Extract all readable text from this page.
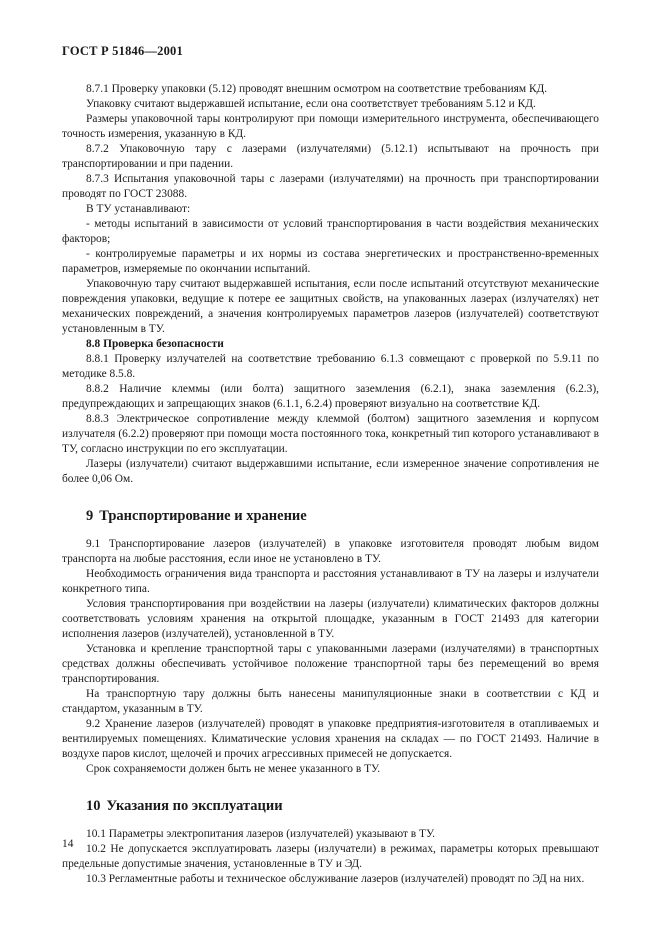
ГОСТ Р 51846—2001

8.7.1 Проверку упаковки (5.12) проводят внешним осмотром на соответствие требованиям КД.

Упаковку считают выдержавшей испытание, если она соответствует требованиям 5.12 и КД.

Размеры упаковочной тары контролируют при помощи измерительного инструмента, обеспечивающего точность измерения, указанную в КД.

8.7.2 Упаковочную тару с лазерами (излучателями) (5.12.1) испытывают на прочность при транспортировании и при падении.

8.7.3 Испытания упаковочной тары с лазерами (излучателями) на прочность при транспортировании проводят по ГОСТ 23088.

В ТУ устанавливают:

- методы испытаний в зависимости от условий транспортирования в части воздействия механических факторов;

- контролируемые параметры и их нормы из состава энергетических и пространственно-временных параметров, измеряемые по окончании испытаний.

Упаковочную тару считают выдержавшей испытания, если после испытаний отсутствуют механические повреждения упаковки, ведущие к потере ее защитных свойств, на упакованных лазерах (излучателях) нет механических повреждений, а значения контролируемых параметров лазеров (излучателей) соответствуют установленным в ТУ.

8.8 Проверка безопасности

8.8.1 Проверку излучателей на соответствие требованию 6.1.3 совмещают с проверкой по 5.9.11 по методике 8.5.8.

8.8.2 Наличие клеммы (или болта) защитного заземления (6.2.1), знака заземления (6.2.3), предупреждающих и запрещающих знаков (6.1.1, 6.2.4) проверяют визуально на соответствие КД.

8.8.3 Электрическое сопротивление между клеммой (болтом) защитного заземления и корпусом излучателя (6.2.2) проверяют при помощи моста постоянного тока, конкретный тип которого устанавливают в ТУ, согласно инструкции по его эксплуатации.

Лазеры (излучатели) считают выдержавшими испытание, если измеренное значение сопротивления не более 0,06 Ом.

9 Транспортирование и хранение

9.1 Транспортирование лазеров (излучателей) в упаковке изготовителя проводят любым видом транспорта на любые расстояния, если иное не установлено в ТУ.

Необходимость ограничения вида транспорта и расстояния устанавливают в ТУ на лазеры и излучатели конкретного типа.

Условия транспортирования при воздействии на лазеры (излучатели) климатических факторов должны соответствовать условиям хранения на открытой площадке, указанным в ГОСТ 21493 для категории исполнения лазеров (излучателей), установленной в ТУ.

Установка и крепление транспортной тары с упакованными лазерами (излучателями) в транспортных средствах должны обеспечивать устойчивое положение транспортной тары без перемещений во время транспортирования.

На транспортную тару должны быть нанесены манипуляционные знаки в соответствии с КД и стандартом, указанным в ТУ.

9.2 Хранение лазеров (излучателей) проводят в упаковке предприятия-изготовителя в отапливаемых и вентилируемых помещениях. Климатические условия хранения на складах — по ГОСТ 21493. Наличие в воздухе паров кислот, щелочей и прочих агрессивных примесей не допускается.

Срок сохраняемости должен быть не менее указанного в ТУ.

10 Указания по эксплуатации

10.1 Параметры электропитания лазеров (излучателей) указывают в ТУ.

10.2 Не допускается эксплуатировать лазеры (излучатели) в режимах, параметры которых превышают предельные допустимые значения, установленные в ТУ и ЭД.

10.3 Регламентные работы и техническое обслуживание лазеров (излучателей) проводят по ЭД на них.

14
